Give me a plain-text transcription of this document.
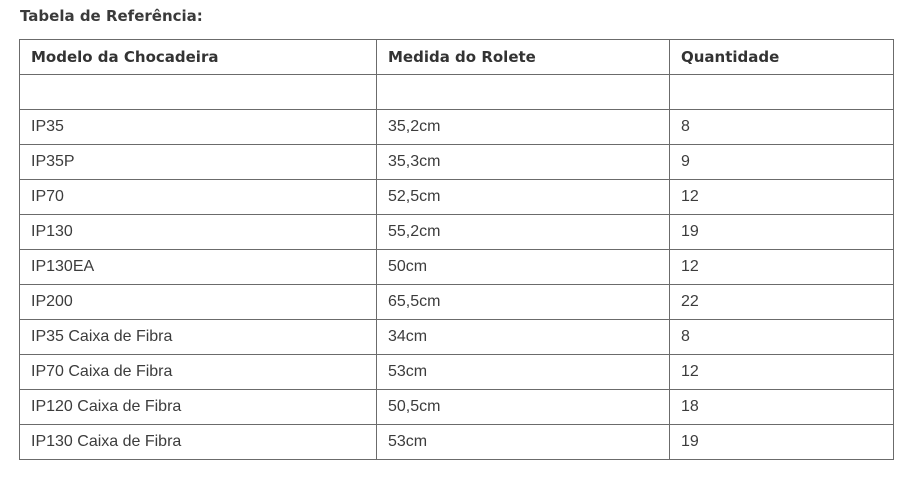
Tabela de Referência:

Modelo da Chocadeira	Medida do Rolete	Quantidade

IP35	35,2cm	8
IP35P	35,3cm	9
IP70	52,5cm	12
IP130	55,2cm	19
IP130EA	50cm	12
IP200	65,5cm	22
IP35 Caixa de Fibra	34cm	8
IP70 Caixa de Fibra	53cm	12
IP120 Caixa de Fibra	50,5cm	18
IP130 Caixa de Fibra	53cm	19
